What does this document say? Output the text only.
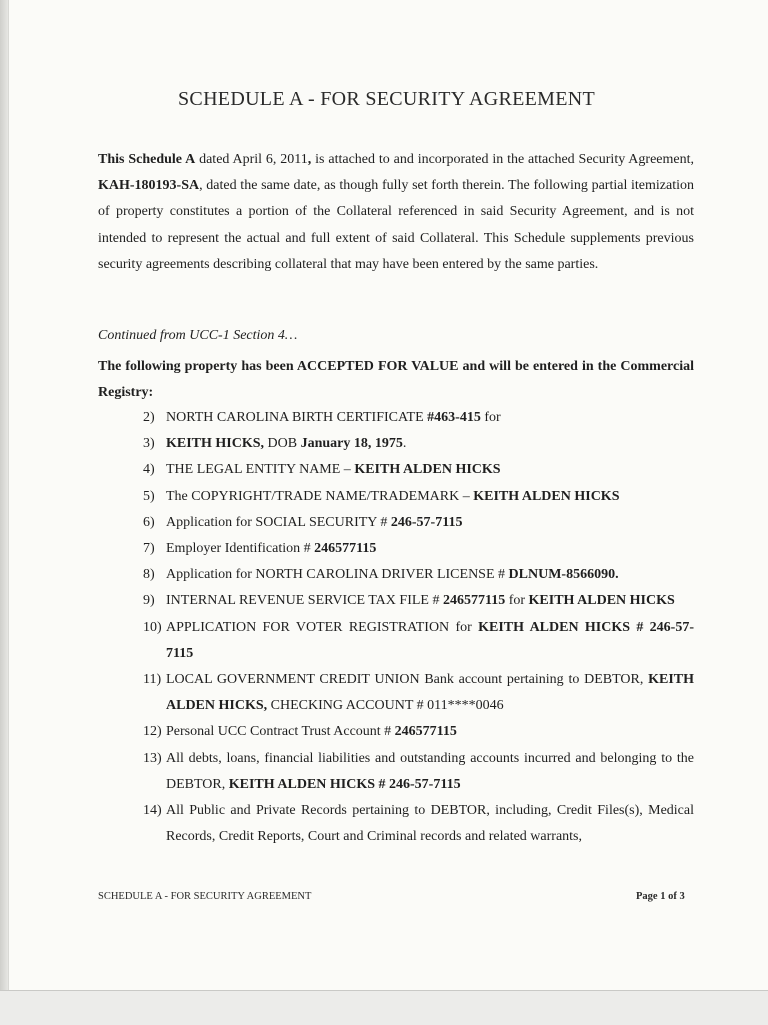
SCHEDULE A - FOR SECURITY AGREEMENT
This Schedule A dated April 6, 2011, is attached to and incorporated in the attached Security Agreement, KAH-180193-SA, dated the same date, as though fully set forth therein. The following partial itemization of property constitutes a portion of the Collateral referenced in said Security Agreement, and is not intended to represent the actual and full extent of said Collateral. This Schedule supplements previous security agreements describing collateral that may have been entered by the same parties.
Continued from UCC-1 Section 4…
The following property has been ACCEPTED FOR VALUE and will be entered in the Commercial Registry:
2) NORTH CAROLINA BIRTH CERTIFICATE #463-415 for
3) KEITH HICKS, DOB January 18, 1975.
4) THE LEGAL ENTITY NAME – KEITH ALDEN HICKS
5) The COPYRIGHT/TRADE NAME/TRADEMARK – KEITH ALDEN HICKS
6) Application for SOCIAL SECURITY # 246-57-7115
7) Employer Identification # 246577115
8) Application for NORTH CAROLINA DRIVER LICENSE # DLNUM-8566090.
9) INTERNAL REVENUE SERVICE TAX FILE # 246577115 for KEITH ALDEN HICKS
10) APPLICATION FOR VOTER REGISTRATION for KEITH ALDEN HICKS # 246-57-7115
11) LOCAL GOVERNMENT CREDIT UNION Bank account pertaining to DEBTOR, KEITH ALDEN HICKS, CHECKING ACCOUNT # 011****0046
12) Personal UCC Contract Trust Account # 246577115
13) All debts, loans, financial liabilities and outstanding accounts incurred and belonging to the DEBTOR, KEITH ALDEN HICKS # 246-57-7115
14) All Public and Private Records pertaining to DEBTOR, including, Credit Files(s), Medical Records, Credit Reports, Court and Criminal records and related warrants,
SCHEDULE A - FOR SECURITY AGREEMENT	Page 1 of 3
